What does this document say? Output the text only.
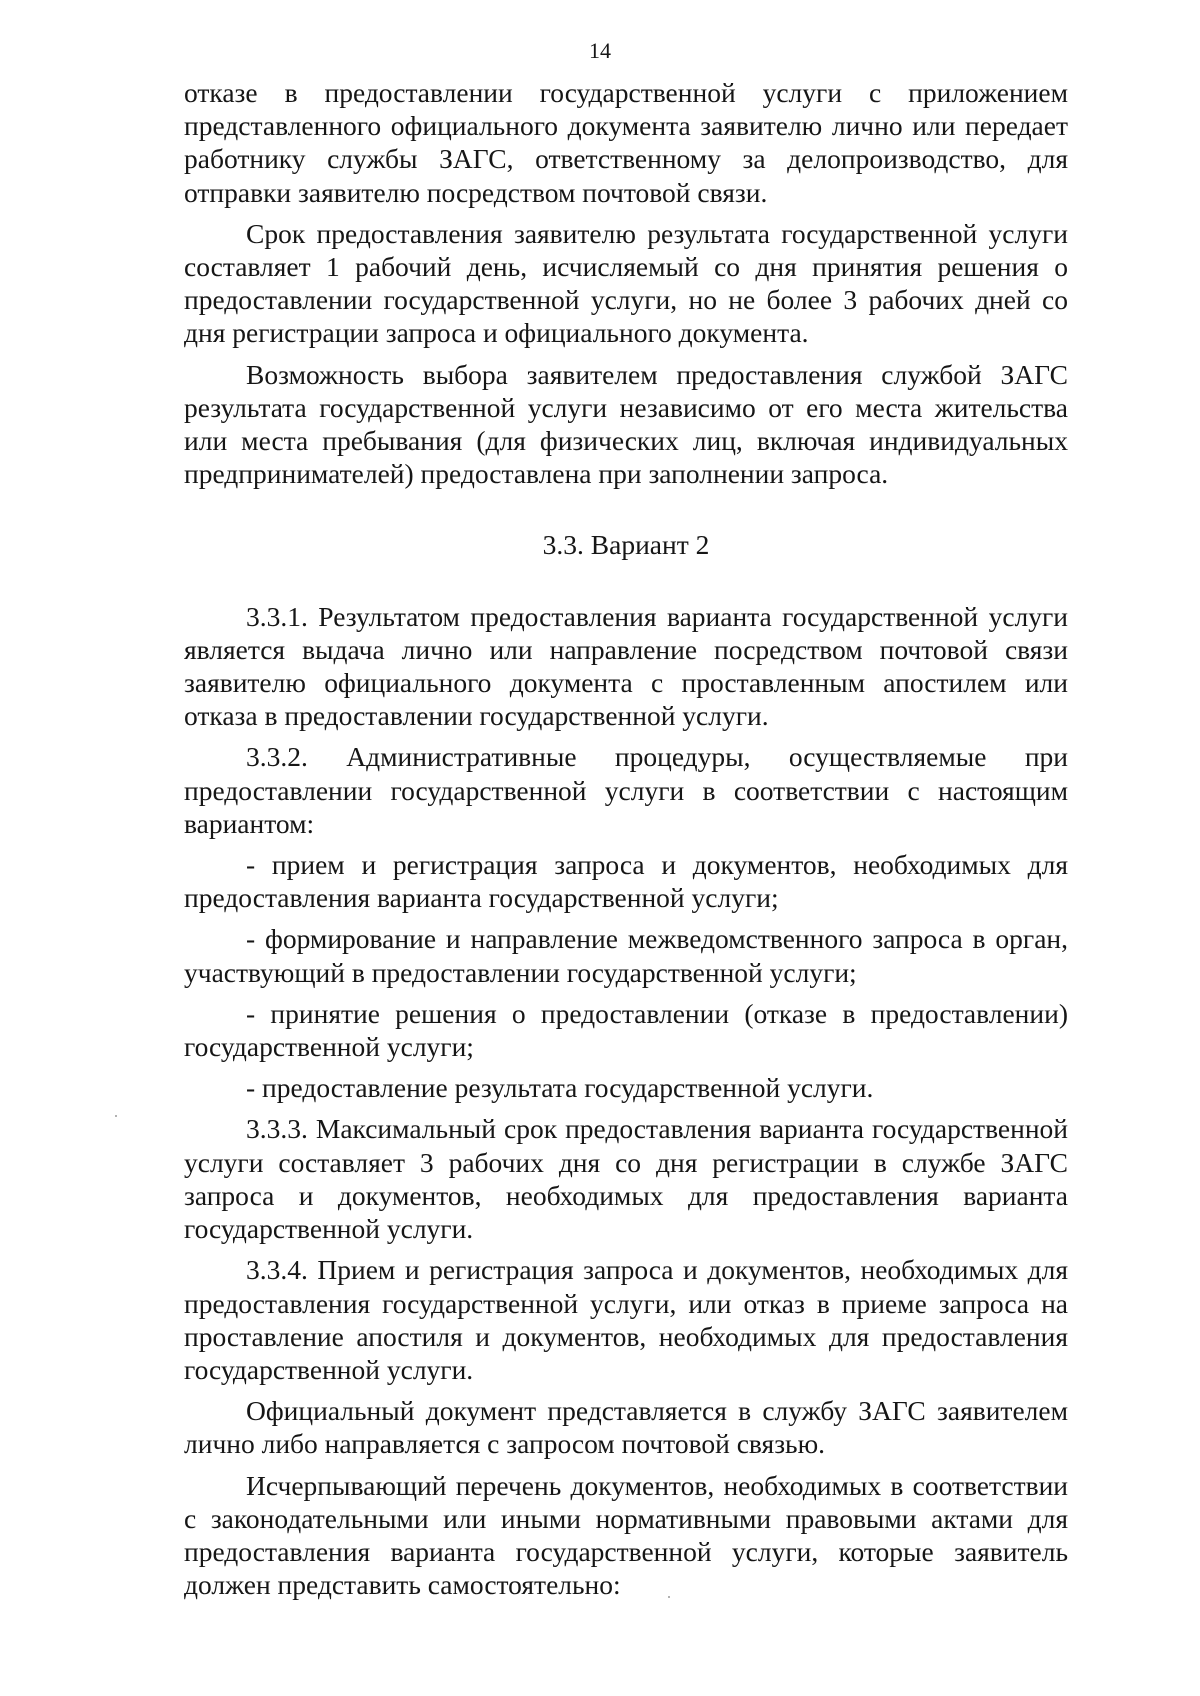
14

отказе в предоставлении государственной услуги с приложением представленного официального документа заявителю лично или передает работнику службы ЗАГС, ответственному за делопроизводство, для отправки заявителю посредством почтовой связи.

Срок предоставления заявителю результата государственной услуги составляет 1 рабочий день, исчисляемый со дня принятия решения о предоставлении государственной услуги, но не более 3 рабочих дней со дня регистрации запроса и официального документа.

Возможность выбора заявителем предоставления службой ЗАГС результата государственной услуги независимо от его места жительства или места пребывания (для физических лиц, включая индивидуальных предпринимателей) предоставлена при заполнении запроса.

3.3. Вариант 2

3.3.1. Результатом предоставления варианта государственной услуги является выдача лично или направление посредством почтовой связи заявителю официального документа с проставленным апостилем или отказа в предоставлении государственной услуги.

3.3.2. Административные процедуры, осуществляемые при предоставлении государственной услуги в соответствии с настоящим вариантом:

- прием и регистрация запроса и документов, необходимых для предоставления варианта государственной услуги;

- формирование и направление межведомственного запроса в орган, участвующий в предоставлении государственной услуги;

- принятие решения о предоставлении (отказе в предоставлении) государственной услуги;

- предоставление результата государственной услуги.

3.3.3. Максимальный срок предоставления варианта государственной услуги составляет 3 рабочих дня со дня регистрации в службе ЗАГС запроса и документов, необходимых для предоставления варианта государственной услуги.

3.3.4. Прием и регистрация запроса и документов, необходимых для предоставления государственной услуги, или отказ в приеме запроса на проставление апостиля и документов, необходимых для предоставления государственной услуги.

Официальный документ представляется в службу ЗАГС заявителем лично либо направляется с запросом почтовой связью.

Исчерпывающий перечень документов, необходимых в соответствии с законодательными или иными нормативными правовыми актами для предоставления варианта государственной услуги, которые заявитель должен представить самостоятельно:
